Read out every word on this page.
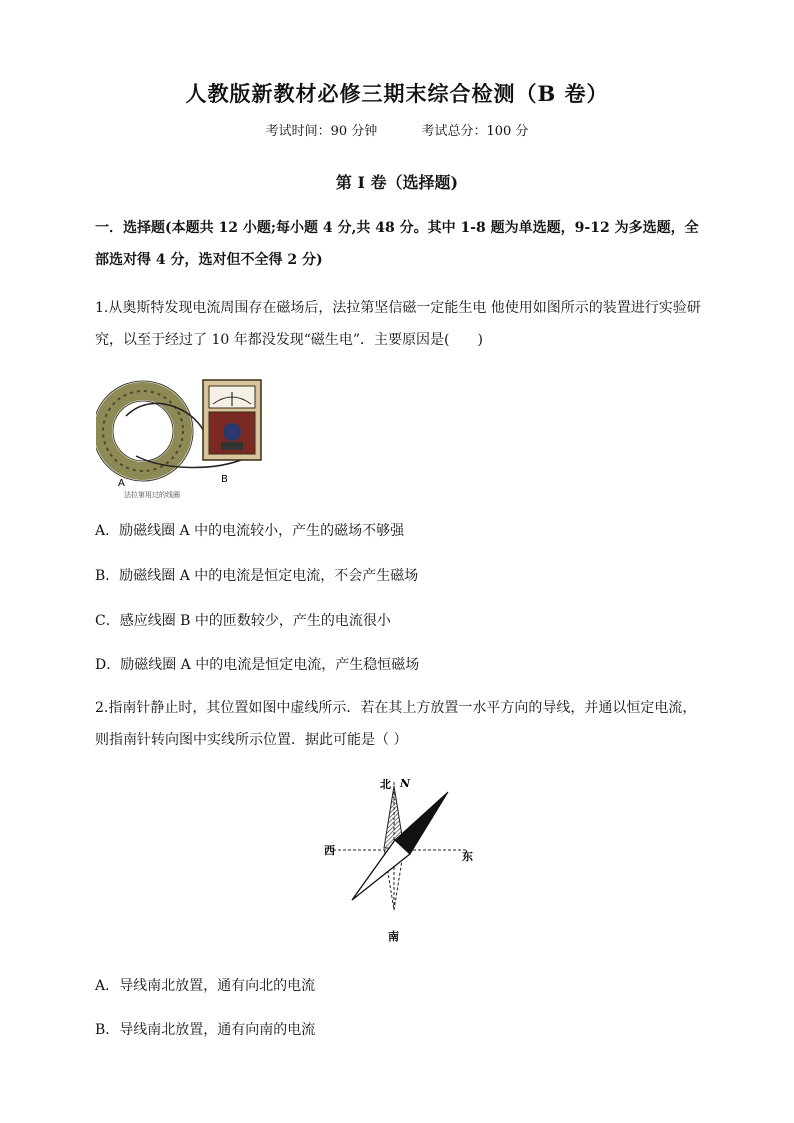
人教版新教材必修三期末综合检测（B 卷）
考试时间：90 分钟	考试总分：100 分
第 I 卷（选择题)
一．选择题(本题共 12 小题;每小题 4 分,共 48 分。其中 1-8 题为单选题，9-12 为多选题，全部选对得 4 分，选对但不全得 2 分)
1.从奥斯特发现电流周围存在磁场后，法拉第坚信磁一定能生电 他使用如图所示的装置进行实验研究，以至于经过了 10 年都没发现“磁生电”．主要原因是(　　)
A	B
法拉第用过的线圈
A．励磁线圈 A 中的电流较小，产生的磁场不够强
B．励磁线圈 A 中的电流是恒定电流，不会产生磁场
C．感应线圈 B 中的匝数较少，产生的电流很小
D．励磁线圈 A 中的电流是恒定电流，产生稳恒磁场
2.指南针静止时，其位置如图中虚线所示．若在其上方放置一水平方向的导线，并通以恒定电流，则指南针转向图中实线所示位置．据此可能是（ ）
北 N
西	东
南
A．导线南北放置，通有向北的电流
B．导线南北放置，通有向南的电流
